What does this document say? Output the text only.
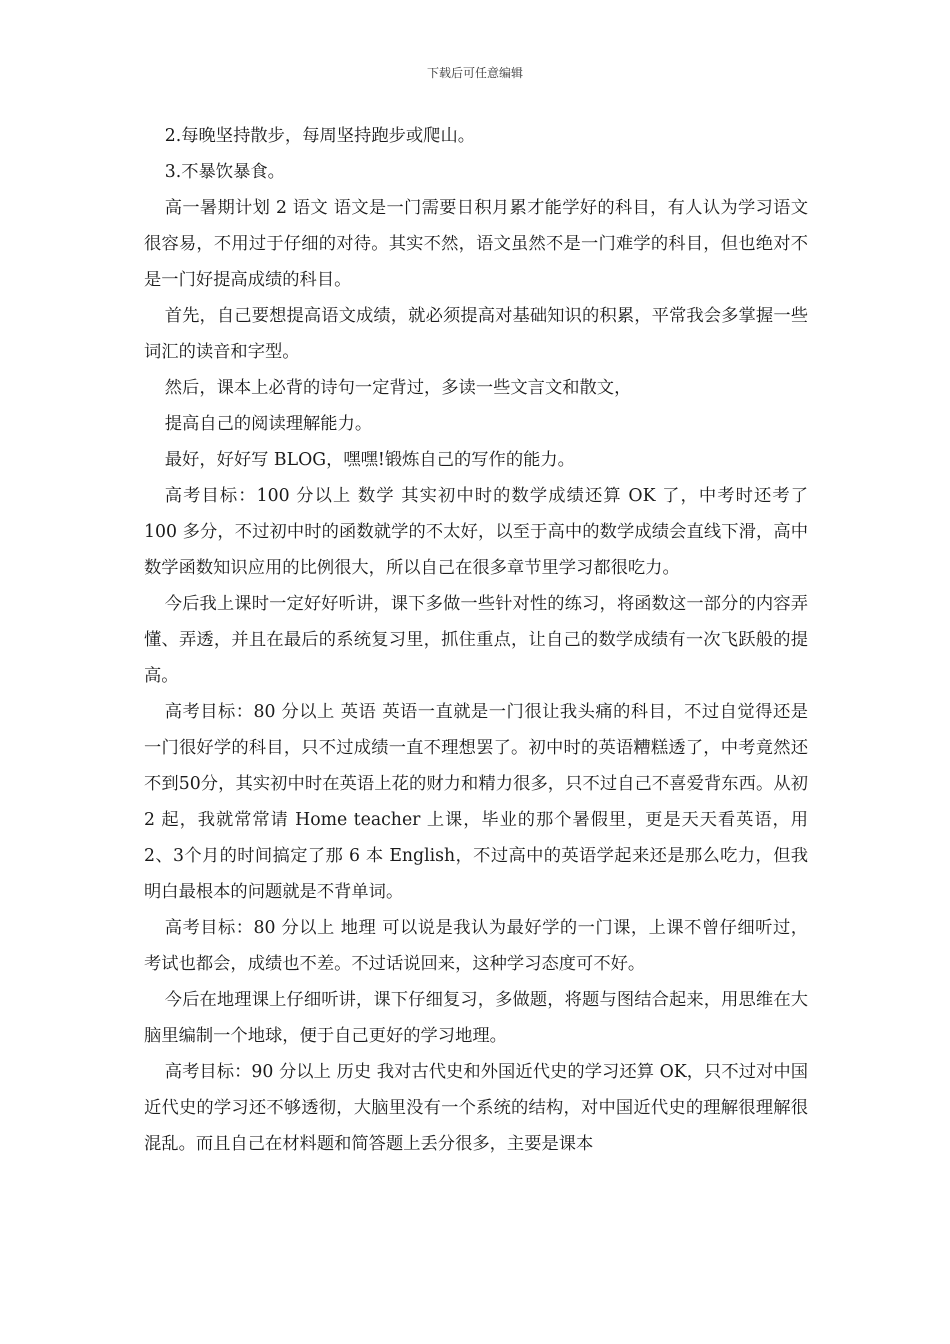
下载后可任意编辑

2.每晚坚持散步，每周坚持跑步或爬山。

3.不暴饮暴食。

高一暑期计划 2 语文 语文是一门需要日积月累才能学好的科目，有人认为学习语文很容易，不用过于仔细的对待。其实不然，语文虽然不是一门难学的科目，但也绝对不是一门好提高成绩的科目。

首先，自己要想提高语文成绩，就必须提高对基础知识的积累，平常我会多掌握一些词汇的读音和字型。

然后，课本上必背的诗句一定背过，多读一些文言文和散文，

提高自己的阅读理解能力。

最好，好好写 BLOG，嘿嘿!锻炼自己的写作的能力。

高考目标：100 分以上 数学 其实初中时的数学成绩还算 OK 了，中考时还考了 100 多分，不过初中时的函数就学的不太好，以至于高中的数学成绩会直线下滑，高中数学函数知识应用的比例很大，所以自己在很多章节里学习都很吃力。

今后我上课时一定好好听讲，课下多做一些针对性的练习，将函数这一部分的内容弄懂、弄透，并且在最后的系统复习里，抓住重点，让自己的数学成绩有一次飞跃般的提高。

高考目标：80 分以上 英语 英语一直就是一门很让我头痛的科目，不过自觉得还是一门很好学的科目，只不过成绩一直不理想罢了。初中时的英语糟糕透了，中考竟然还不到50分，其实初中时在英语上花的财力和精力很多，只不过自己不喜爱背东西。从初 2 起，我就常常请 Home teacher 上课，毕业的那个暑假里，更是天天看英语，用 2、3个月的时间搞定了那 6 本 English，不过高中的英语学起来还是那么吃力，但我明白最根本的问题就是不背单词。

高考目标：80 分以上 地理 可以说是我认为最好学的一门课，上课不曾仔细听过，考试也都会，成绩也不差。不过话说回来，这种学习态度可不好。

今后在地理课上仔细听讲，课下仔细复习，多做题，将题与图结合起来，用思维在大脑里编制一个地球，便于自己更好的学习地理。

高考目标：90 分以上 历史 我对古代史和外国近代史的学习还算 OK，只不过对中国近代史的学习还不够透彻，大脑里没有一个系统的结构，对中国近代史的理解很理解很混乱。而且自己在材料题和简答题上丢分很多，主要是课本
